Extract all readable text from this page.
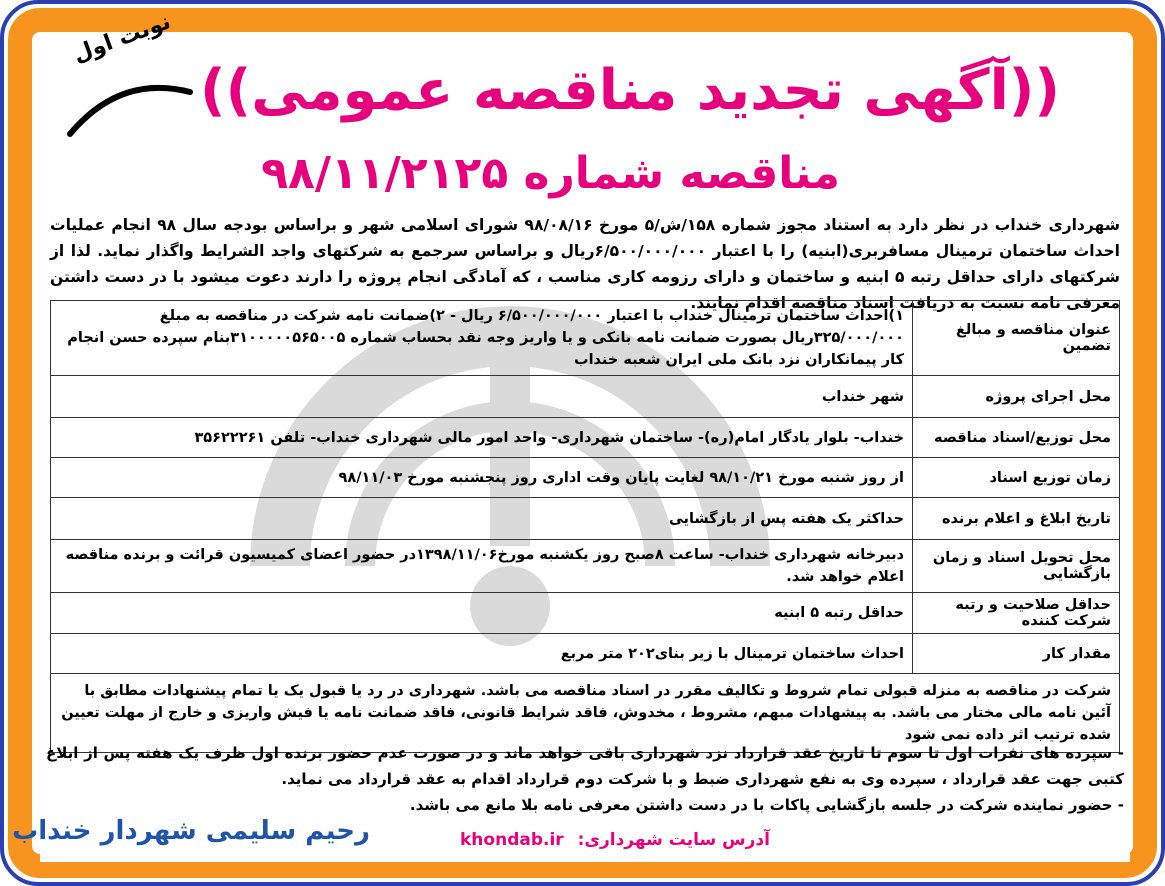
نوبت اول
((آگهی تجدید مناقصه عمومی))
مناقصه شماره ۹۸/۱۱/۲۱۲۵
شهرداری خنداب در نظر دارد به استناد مجوز شماره ۱۵۸/ش/۵ مورخ ۹۸/۰۸/۱۶ شورای اسلامی شهر و براساس بودجه سال ۹۸ انجام عملیات احداث ساختمان ترمینال مسافربری(ابنیه) را با اعتبار ۶/۵۰۰/۰۰۰/۰۰۰ریال و براساس سرجمع به شرکتهای واجد الشرایط واگذار نماید. لذا از شرکتهای دارای حداقل رتبه ۵ ابنیه و ساختمان و دارای رزومه کاری مناسب ، که آمادگی انجام پروژه را دارند دعوت میشود با در دست داشتن معرفی نامه نسبت به دریافت اسناد مناقصه اقدام نمایند.
عنوان مناقصه و مبالغ تضمین	۱)احداث ساختمان ترمینال خنداب با اعتبار ۶/۵۰۰/۰۰۰/۰۰۰ ریال - ۲)ضمانت نامه شرکت در مناقصه به مبلغ ۳۲۵/۰۰۰/۰۰۰ریال بصورت ضمانت نامه بانکی و یا واریز وجه نقد بحساب شماره ۳۱۰۰۰۰۰۵۶۵۰۰۵بنام سپرده حسن انجام کار پیمانکاران نزد بانک ملی ایران شعبه خنداب
محل اجرای پروژه	شهر خنداب
محل توزیع/اسناد مناقصه	خنداب- بلوار یادگار امام(ره)- ساختمان شهرداری- واحد امور مالی شهرداری خنداب- تلفن ۳۵۶۲۲۲۶۱
زمان توزیع اسناد	از روز شنبه مورخ ۹۸/۱۰/۲۱ لغایت پایان وقت اداری روز پنجشنبه مورخ ۹۸/۱۱/۰۳
تاریخ ابلاغ و اعلام برنده	حداکثر یک هفته پس از بازگشایی
محل تحویل اسناد و زمان بازگشایی	دبیرخانه شهرداری خنداب- ساعت ۸صبح روز یکشنبه مورخ۱۳۹۸/۱۱/۰۶در حضور اعضای کمیسیون قرائت و برنده مناقصه اعلام خواهد شد.
حداقل صلاحیت و رتبه شرکت کننده	حداقل رتبه ۵ ابنیه
مقدار کار	احداث ساختمان ترمینال با زیر بنای۲۰۲ متر مربع
شرکت در مناقصه به منزله قبولی تمام شروط و تکالیف مقرر در اسناد مناقصه می باشد. شهرداری در رد یا قبول یک یا تمام پیشنهادات مطابق با آئین نامه مالی مختار می باشد. به پیشهادات مبهم، مشروط ، مخدوش، فاقد شرایط قانونی، فاقد ضمانت نامه یا فیش واریزی و خارج از مهلت تعیین شده ترتیب اثر داده نمی شود	
- سپرده های نفرات اول تا سوم تا تاریخ عقد قرارداد نزد شهرداری باقی خواهد ماند و در صورت عدم حضور برنده اول ظرف یک هفته پس از ابلاغ کتبی جهت عقد قرارداد ، سپرده وی به نفع شهرداری ضبط و با شرکت دوم قرارداد اقدام به عقد قرارداد می نماید.
- حضور نماینده شرکت در جلسه بازگشایی پاکات با در دست داشتن معرفی نامه بلا مانع می باشد.
رحیم سلیمی شهردار خنداب	آدرس سایت شهرداری: khondab.ir
